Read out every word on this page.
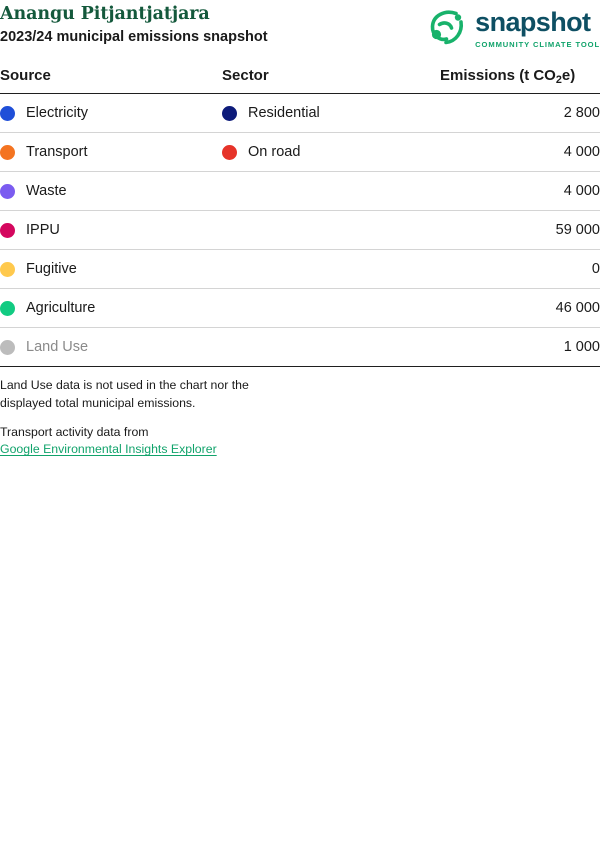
Anangu Pitjantjatjara
2023/24 municipal emissions snapshot
snapshot
COMMUNITY CLIMATE TOOL
Source	Sector	Emissions (t $CO_2e$)

Electricity	Residential	2 800

Transport	On road	4 000

Waste		4 000

IPPU		59 000

Fugitive		0

Agriculture		46 000

Land Use		1 000
Land Use data is not used in the chart nor the
displayed total municipal emissions.
Transport activity data from
Google Environmental Insights Explorer
